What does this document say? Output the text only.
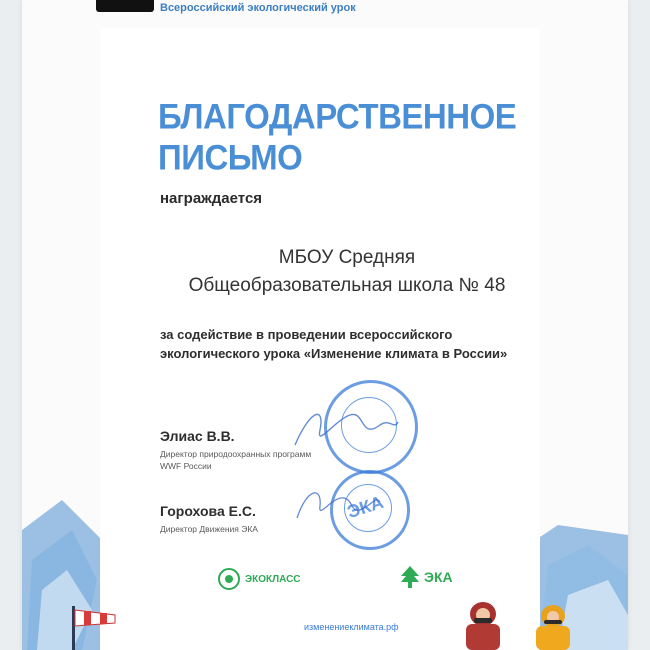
Всероссийский экологический урок
БЛАГОДАРСТВЕННОЕ
ПИСЬМО
награждается
МБОУ Средняя
Общеобразовательная школа № 48
за содействие в проведении всероссийского
экологического урока «Изменение климата в России»
ЭКА
Элиас В.В.
Директор природоохранных программ
WWF России
Горохова Е.С.
Директор Движения ЭКА
ЭКОКЛАСС	ЭКА
изменениеклимата.рф
